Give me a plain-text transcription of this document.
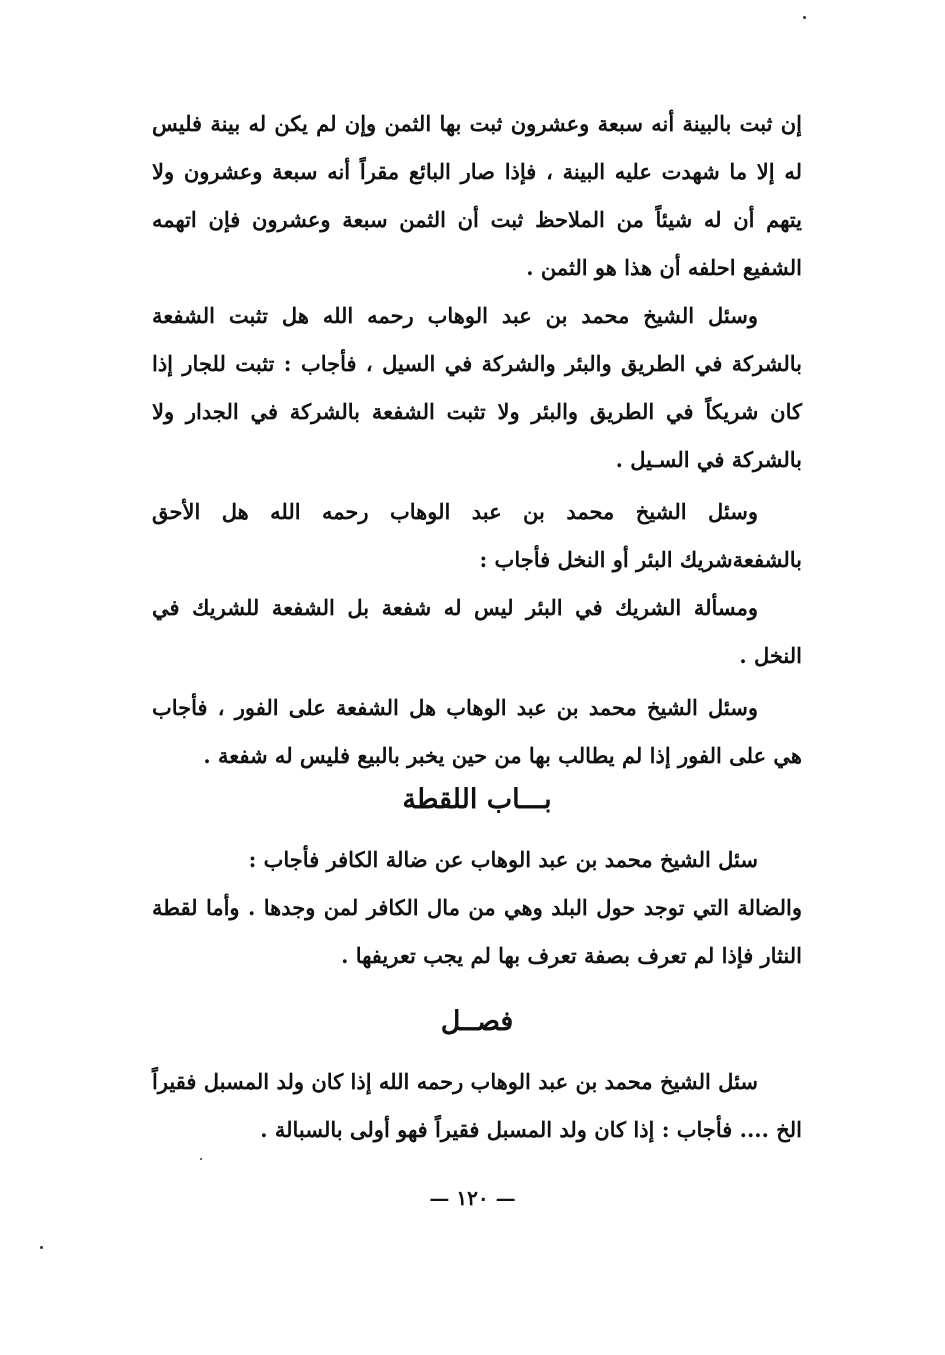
إن ثبت بالبينة أنه سبعة وعشرون ثبت بها الثمن وإن لم يكن له بينة فليس له إلا ما شهدت عليه البينة ، فإذا صار البائع مقراً أنه سبعة وعشرون ولا يتهم أن له شيئاً من الملاحظ ثبت أن الثمن سبعة وعشرون فإن اتهمه الشفيع احلفه أن هذا هو الثمن .

وسئل الشيخ محمد بن عبد الوهاب رحمه الله هل تثبت الشفعة بالشركة في الطريق والبئر والشركة في السيل ، فأجاب : تثبت للجار إذا كان شريكاً في الطريق والبئر ولا تثبت الشفعة بالشركة في الجدار ولا بالشركة في السـيل .

وسئل الشيخ محمد بن عبد الوهاب رحمه الله هل الأحق بالشفعةشريك البئر أو النخل فأجاب :

ومسألة الشريك في البئر ليس له شفعة بل الشفعة للشريك في النخل .

وسئل الشيخ محمد بن عبد الوهاب هل الشفعة على الفور ، فأجاب هي على الفور إذا لم يطالب بها من حين يخبر بالبيع فليس له شفعة .

بـــاب اللقطة

سئل الشيخ محمد بن عبد الوهاب عن ضالة الكافر فأجاب :

والضالة التي توجد حول البلد وهي من مال الكافر لمن وجدها . وأما لقطة النثار فإذا لم تعرف بصفة تعرف بها لم يجب تعريفها .

فصــل

سئل الشيخ محمد بن عبد الوهاب رحمه الله إذا كان ولد المسبل فقيراً الخ .... فأجاب : إذا كان ولد المسبل فقيراً فهو أولى بالسبالة .

— ١٢٠ —
